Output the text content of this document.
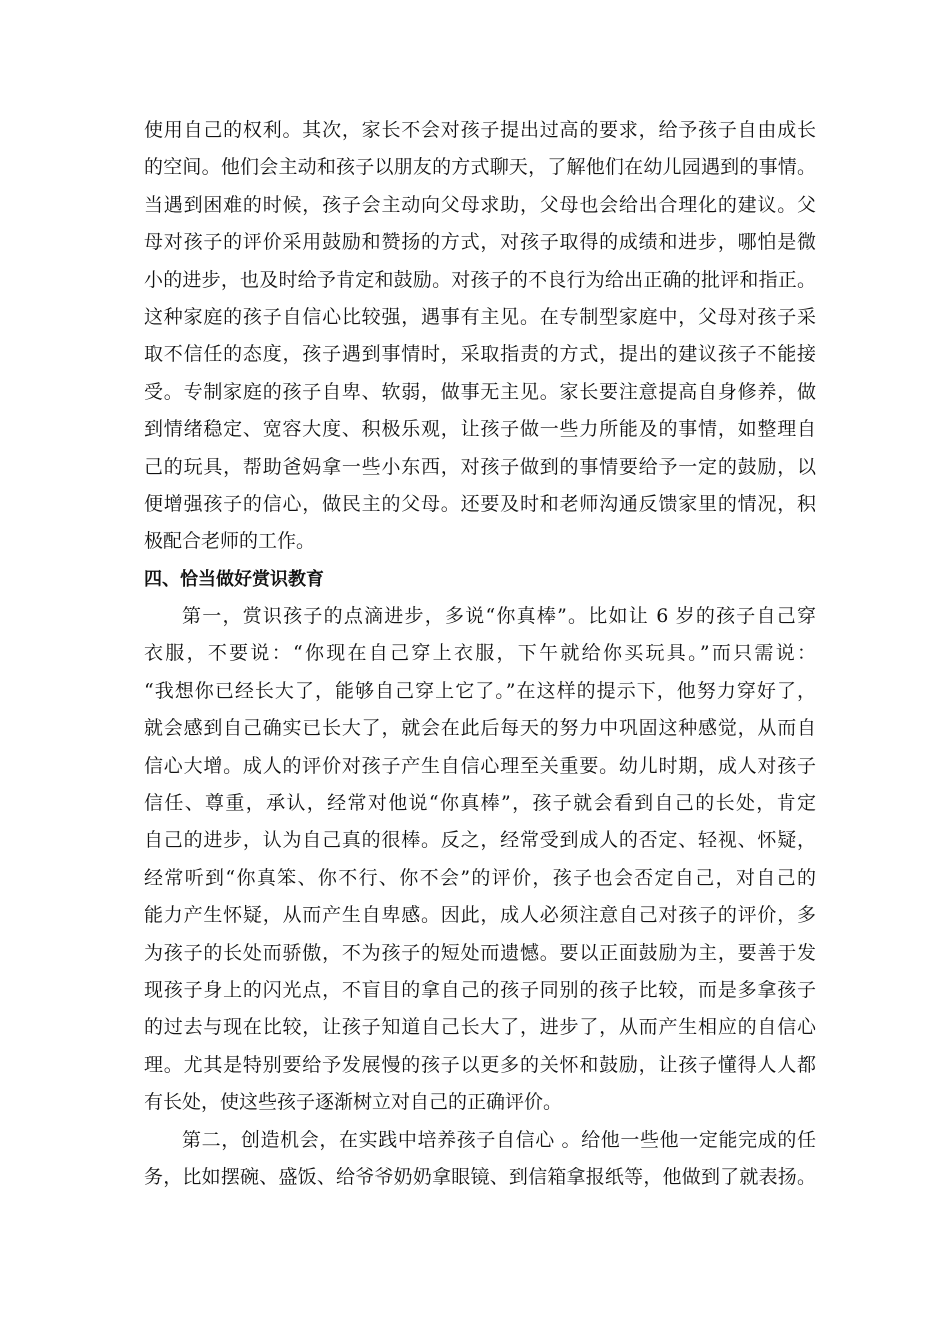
使用自己的权利。其次，家长不会对孩子提出过高的要求，给予孩子自由成长
的空间。他们会主动和孩子以朋友的方式聊天，了解他们在幼儿园遇到的事情。
当遇到困难的时候，孩子会主动向父母求助，父母也会给出合理化的建议。父
母对孩子的评价采用鼓励和赞扬的方式，对孩子取得的成绩和进步，哪怕是微
小的进步，也及时给予肯定和鼓励。对孩子的不良行为给出正确的批评和指正。
这种家庭的孩子自信心比较强，遇事有主见。在专制型家庭中，父母对孩子采
取不信任的态度，孩子遇到事情时，采取指责的方式，提出的建议孩子不能接
受。专制家庭的孩子自卑、软弱，做事无主见。家长要注意提高自身修养，做
到情绪稳定、宽容大度、积极乐观，让孩子做一些力所能及的事情，如整理自
己的玩具，帮助爸妈拿一些小东西，对孩子做到的事情要给予一定的鼓励，以
便增强孩子的信心，做民主的父母。还要及时和老师沟通反馈家里的情况，积
极配合老师的工作。
四、恰当做好赏识教育
第一，赏识孩子的点滴进步，多说“你真棒”。比如让 6 岁的孩子自己穿
衣服，不要说：“你现在自己穿上衣服，下午就给你买玩具。”而只需说：
“我想你已经长大了，能够自己穿上它了。”在这样的提示下，他努力穿好了，
就会感到自己确实已长大了，就会在此后每天的努力中巩固这种感觉，从而自
信心大增。成人的评价对孩子产生自信心理至关重要。幼儿时期，成人对孩子
信任、尊重，承认，经常对他说“你真棒”，孩子就会看到自己的长处，肯定
自己的进步，认为自己真的很棒。反之，经常受到成人的否定、轻视、怀疑，
经常听到“你真笨、你不行、你不会”的评价，孩子也会否定自己，对自己的
能力产生怀疑，从而产生自卑感。因此，成人必须注意自己对孩子的评价，多
为孩子的长处而骄傲，不为孩子的短处而遗憾。要以正面鼓励为主，要善于发
现孩子身上的闪光点，不盲目的拿自己的孩子同别的孩子比较，而是多拿孩子
的过去与现在比较，让孩子知道自己长大了，进步了，从而产生相应的自信心
理。尤其是特别要给予发展慢的孩子以更多的关怀和鼓励，让孩子懂得人人都
有长处，使这些孩子逐渐树立对自己的正确评价。
第二，创造机会，在实践中培养孩子自信心 。给他一些他一定能完成的任
务，比如摆碗、盛饭、给爷爷奶奶拿眼镜、到信箱拿报纸等，他做到了就表扬。
